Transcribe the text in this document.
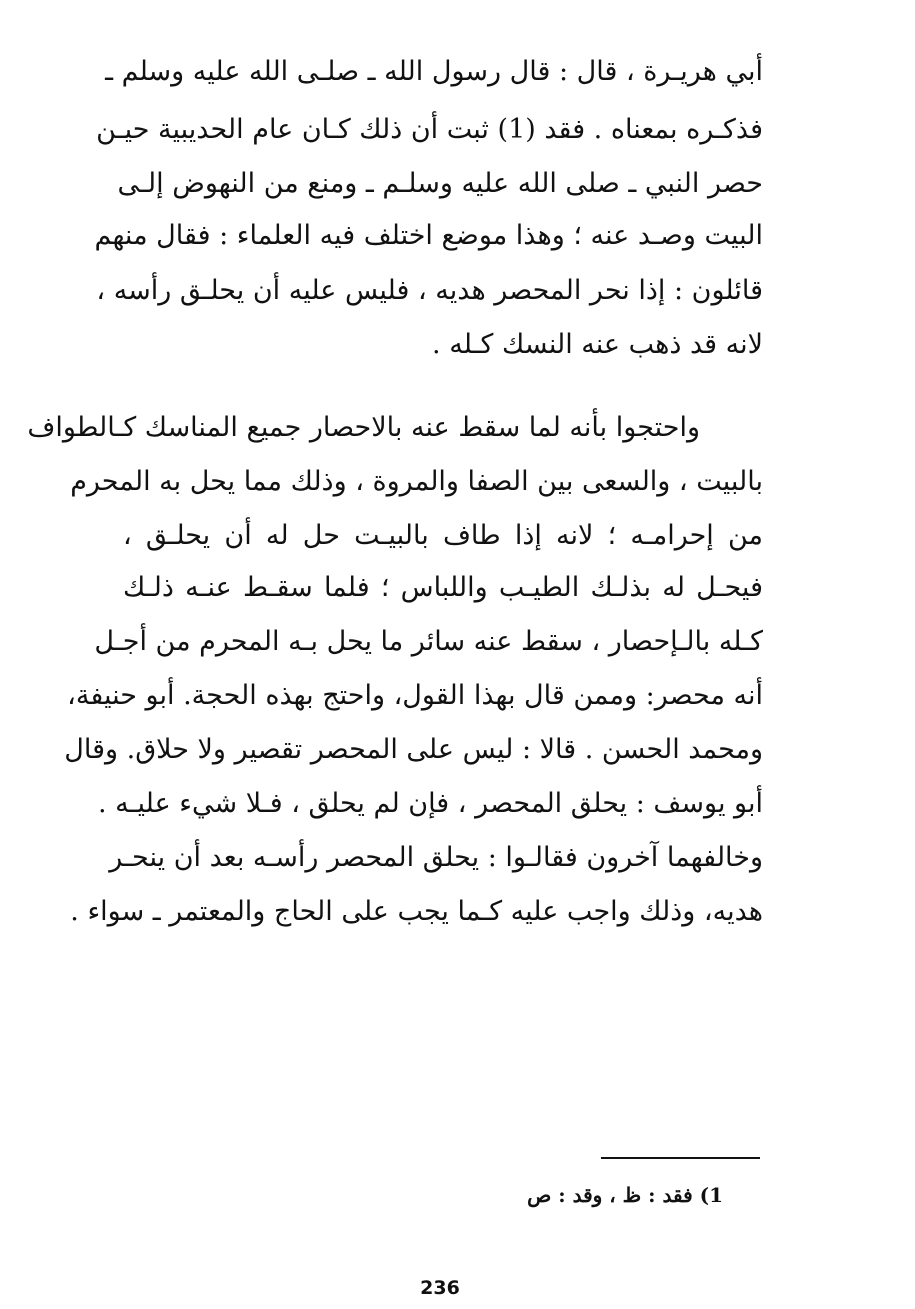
أبي هريـرة ، قال : قال رسول الله ـ صلـى الله عليه وسلم ـ
فذكـره بمعناه . فقد (1) ثبت أن ذلك كـان عام الحديبية حيـن
حصر النبي ـ صلى الله عليه وسلـم ـ ومنع من النهوض إلـى
البيت وصـد عنه ؛ وهذا موضع اختلف فيه العلماء : فقال منهم
قائلون : إذا نحر المحصر هديه ، فليس عليه أن يحلـق رأسه ،
لانه قد ذهب عنه النسك كـله .
واحتجوا بأنه لما سقط عنه بالاحصار جميع المناسك كـالطواف
بالبيت ، والسعى بين الصفا والمروة ، وذلك مما يحل به المحرم
من إحرامـه ؛ لانه إذا طاف بالبيـت حل له أن يحلـق ،
فيحـل له بذلـك الطيـب واللباس ؛ فلما سقـط عنـه ذلـك
كـله بالـإحصار ، سقط عنه سائر ما يحل بـه المحرم من أجـل
أنه محصر: وممن قال بهذا القول، واحتج بهذه الحجة. أبو حنيفة،
ومحمد الحسن . قالا : ليس على المحصر تقصير ولا حلاق. وقال
أبو يوسف : يحلق المحصر ، فإن لم يحلق ، فـلا شيء عليـه .
وخالفهما آخرون فقالـوا : يحلق المحصر رأسـه بعد أن ينحـر
هديه، وذلك واجب عليه كـما يجب على الحاج والمعتمر ـ سواء .
1) فقد : ظ ، وقد : ص
236
